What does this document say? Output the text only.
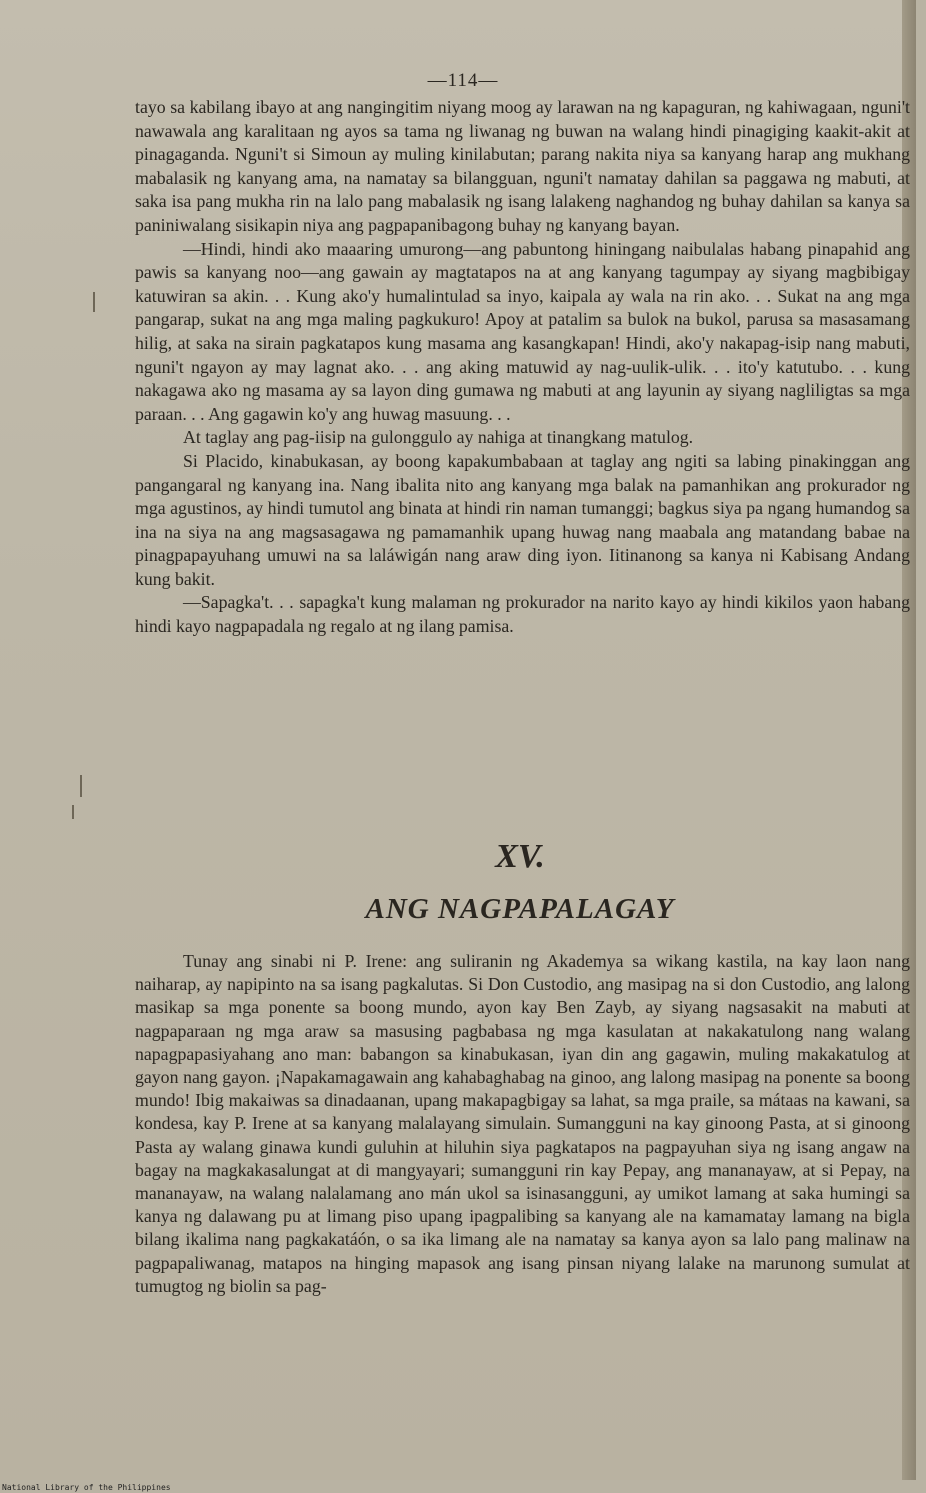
—114—

tayo sa kabilang ibayo at ang nangingitim niyang moog ay larawan na ng kapaguran, ng kahiwagaan, nguni't nawawala ang karalitaan ng ayos sa tama ng liwanag ng buwan na walang hindi pinagiging kaakit-akit at pinagaganda. Nguni't si Simoun ay muling kinilabutan; parang nakita niya sa kanyang harap ang mukhang mabalasik ng kanyang ama, na namatay sa bilangguan, nguni't namatay dahilan sa paggawa ng mabuti, at saka isa pang mukha rin na lalo pang mabalasik ng isang lalakeng naghandog ng buhay dahilan sa kanya sa paniniwalang sisikapin niya ang pagpapanibagong buhay ng kanyang bayan.

—Hindi, hindi ako maaaring umurong—ang pabuntong hiningang naibulalas habang pinapahid ang pawis sa kanyang noo—ang gawain ay magtatapos na at ang kanyang tagumpay ay siyang magbibigay katuwiran sa akin. . . Kung ako'y humalintulad sa inyo, kaipala ay wala na rin ako. . . Sukat na ang mga pangarap, sukat na ang mga maling pagkukuro! Apoy at patalim sa bulok na bukol, parusa sa masasamang hilig, at saka na sirain pagkatapos kung masama ang kasangkapan! Hindi, ako'y nakapag-isip nang mabuti, nguni't ngayon ay may lagnat ako. . . ang aking matuwid ay nag-uulik-ulik. . . ito'y katutubo. . . kung nakagawa ako ng masama ay sa layon ding gumawa ng mabuti at ang layunin ay siyang nagliligtas sa mga paraan. . . Ang gagawin ko'y ang huwag masuung. . .

At taglay ang pag-iisip na gulonggulo ay nahiga at tinangkang matulog.

Si Placido, kinabukasan, ay boong kapakumbabaan at taglay ang ngiti sa labing pinakinggan ang pangangaral ng kanyang ina. Nang ibalita nito ang kanyang mga balak na pamanhikan ang prokurador ng mga agustinos, ay hindi tumutol ang binata at hindi rin naman tumanggi; bagkus siya pa ngang humandog sa ina na siya na ang magsasagawa ng pamamanhik upang huwag nang maabala ang matandang babae na pinagpapayuhang umuwi na sa laláwigán nang araw ding iyon. Iitinanong sa kanya ni Kabisang Andang kung bakit.

—Sapagka't. . . sapagka't kung malaman ng prokurador na narito kayo ay hindi kikilos yaon habang hindi kayo nagpapadala ng regalo at ng ilang pamisa.

XV.
ANG NAGPAPALAGAY

Tunay ang sinabi ni P. Irene: ang suliranin ng Akademya sa wikang kastila, na kay laon nang naiharap, ay napipinto na sa isang pagkalutas. Si Don Custodio, ang masipag na si don Custodio, ang lalong masikap sa mga ponente sa boong mundo, ayon kay Ben Zayb, ay siyang nagsasakit na mabuti at nagpaparaan ng mga araw sa masusing pagbabasa ng mga kasulatan at nakakatulong nang walang napagpapasiyahang ano man: babangon sa kinabukasan, iyan din ang gagawin, muling makakatulog at gayon nang gayon. ¡Napakamagawain ang kahabaghabag na ginoo, ang lalong masipag na ponente sa boong mundo! Ibig makaiwas sa dinadaanan, upang makapagbigay sa lahat, sa mga praile, sa mátaas na kawani, sa kondesa, kay P. Irene at sa kanyang malalayang simulain. Sumangguni na kay ginoong Pasta, at si ginoong Pasta ay walang ginawa kundi guluhin at hiluhin siya pagkatapos na pagpayuhan siya ng isang angaw na bagay na magkakasalungat at di mangyayari; sumangguni rin kay Pepay, ang mananayaw, at si Pepay, na mananayaw, na walang nalalamang ano mán ukol sa isinasangguni, ay umikot lamang at saka humingi sa kanya ng dalawang pu at limang piso upang ipagpalibing sa kanyang ale na kamamatay lamang na bigla bilang ikalima nang pagkakatáón, o sa ika limang ale na namatay sa kanya ayon sa lalo pang malinaw na pagpapaliwanag, matapos na hinging mapasok ang isang pinsan niyang lalake na marunong sumulat at tumugtog ng biolin sa pag-

National Library of the Philippines
